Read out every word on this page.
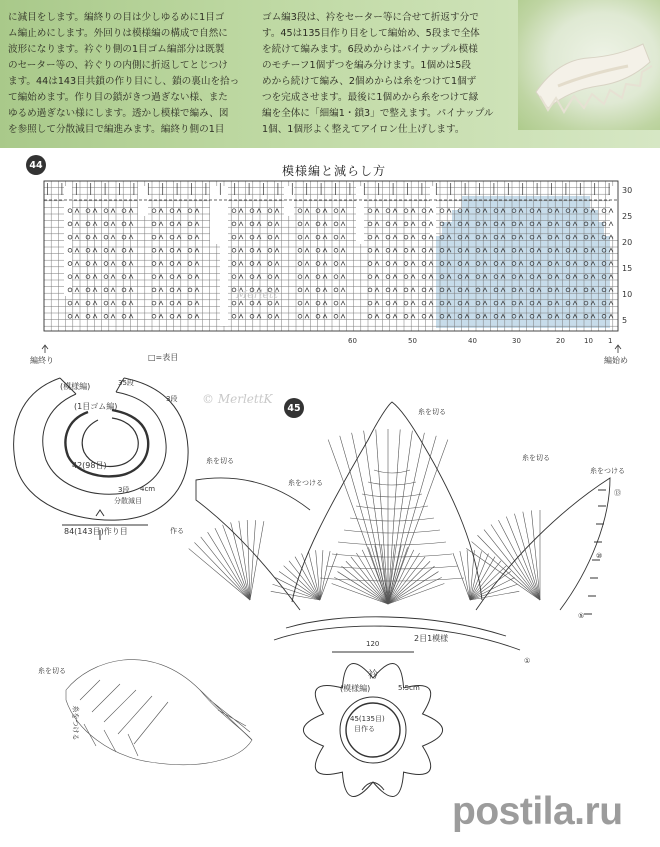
に減目をします。編終りの目は少しゆるめに1目ゴ
ム編止めにします。外回りは模様編の構成で自然に
波形になります。衿ぐり側の1目ゴム編部分は既製
のセーター等の、衿ぐりの内側に折返してとじつけ
ます。44は143目共鎖の作り目にし、鎖の裏山を拾っ
て編始めます。作り目の鎖がきつ過ぎない様、また
ゆるめ過ぎない様にします。透かし模様で編み、図
を参照して分散減目で編進みます。編終り側の1目
ゴム編3段は、衿をセーター等に合せて折返す分で
す。45は135目作り目をして編始め、5段まで全体
を続けて編みます。6段めからはパイナップル模様
のモチーフ1個ずつを編み分けます。1個めは5段
めから続けて編み、2個めからは糸をつけて1個ず
つを完成させます。最後に1個めから糸をつけて縁
編を全体に「細編1・鎖3」で整えます。パイナップル
1個、1個形よく整えてアイロン仕上げします。
44	模様編と減らし方
5
10
15
20
25
30
60	50	40	30	20	10 1
編終り	編始め
□=表目
Merlett
(模様編)	35段
(1目ゴム編)
3段
42(98目)
3段 4cm
分散減目
84(143目)作り目	作る
© MerlettK
45	糸を切る
糸を切る
糸をつける
糸をつける
糸を切る
糸を切る
糸をつける
2目1模様
①
⑤
⑩
⑬
120
衿
(模様編)	5.5cm
45(135目)
目作る
postila.ru
